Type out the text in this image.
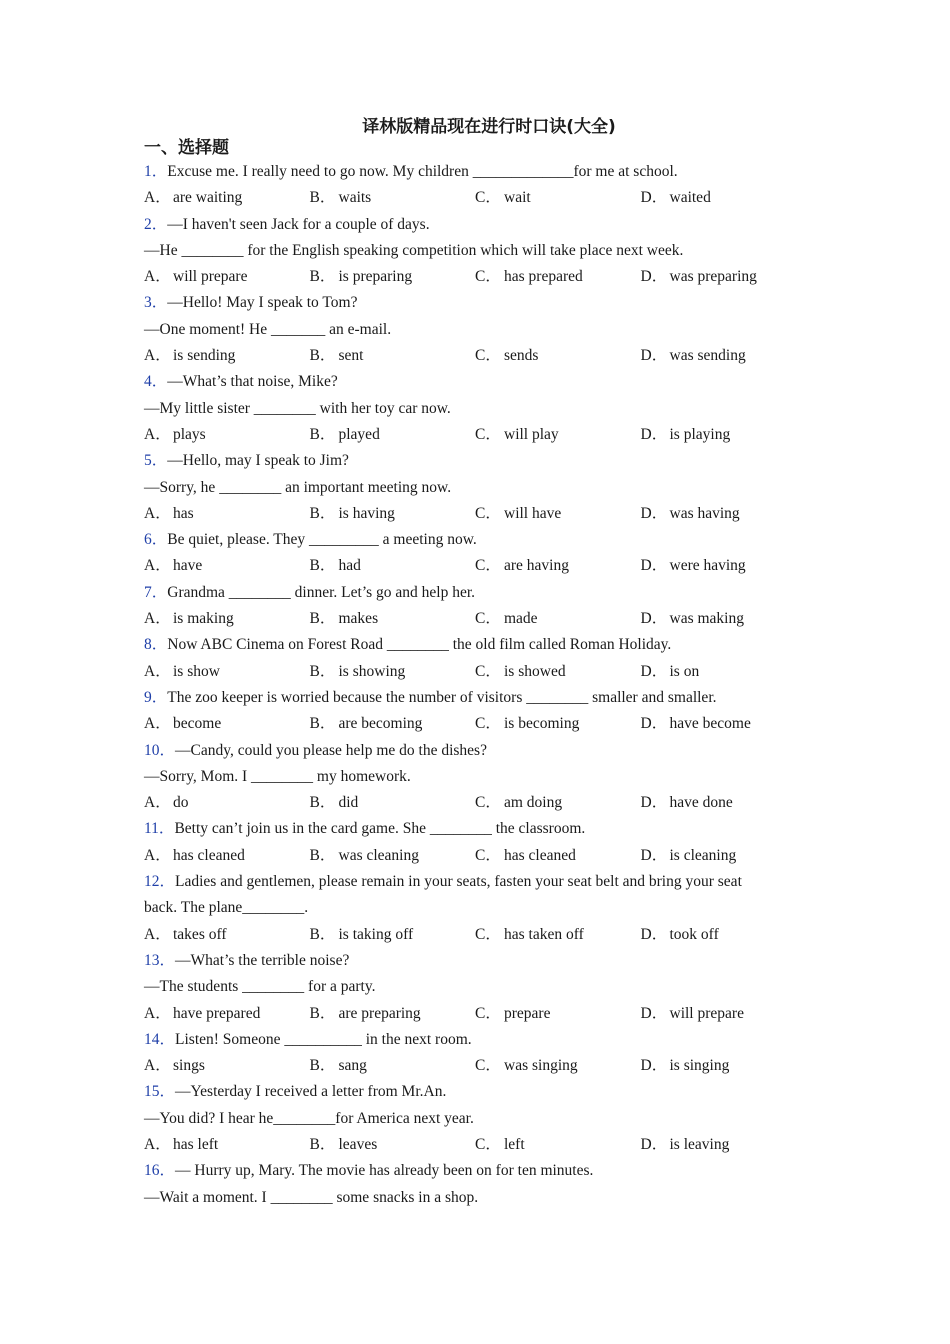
译林版精品现在进行时口诀(大全)
一、选择题
1．Excuse me. I really need to go now. My children _____________for me at school.
A． are waiting	B． waits	C． wait	D． waited
2．—I haven't seen Jack for a couple of days.
—He ________ for the English speaking competition which will take place next week.
A． will prepare	B． is preparing	C． has prepared	D． was preparing
3．—Hello! May I speak to Tom?
—One moment! He _______ an e-mail.
A． is sending	B． sent	C． sends	D． was sending
4．—What’s that noise, Mike?
—My little sister ________ with her toy car now.
A． plays	B． played	C． will play	D． is playing
5．—Hello, may I speak to Jim?
—Sorry, he ________ an important meeting now.
A． has	B． is having	C． will have	D． was having
6．Be quiet, please. They _________ a meeting now.
A． have	B． had	C． are having	D． were having
7．Grandma ________ dinner. Let’s go and help her.
A． is making	B． makes	C． made	D． was making
8．Now ABC Cinema on Forest Road ________ the old film called Roman Holiday.
A． is show	B． is showing	C． is showed	D． is on
9．The zoo keeper is worried because the number of visitors ________ smaller and smaller.
A． become	B． are becoming	C． is becoming	D． have become
10．—Candy, could you please help me do the dishes?
—Sorry, Mom. I ________ my homework.
A． do	B． did	C． am doing	D． have done
11．Betty can’t join us in the card game. She ________ the classroom.
A． has cleaned	B． was cleaning	C． has cleaned	D． is cleaning
12．Ladies and gentlemen, please remain in your seats, fasten your seat belt and bring your seat
back. The plane________.
A． takes off	B． is taking off	C． has taken off	D． took off
13．—What’s the terrible noise?
—The students ________ for a party.
A． have prepared	B． are preparing	C． prepare	D． will prepare
14．Listen! Someone __________ in the next room.
A． sings	B． sang	C． was singing	D． is singing
15．—Yesterday I received a letter from Mr.An.
—You did? I hear he________for America next year.
A． has left	B． leaves	C． left	D． is leaving
16．— Hurry up, Mary. The movie has already been on for ten minutes.
—Wait a moment. I ________ some snacks in a shop.
